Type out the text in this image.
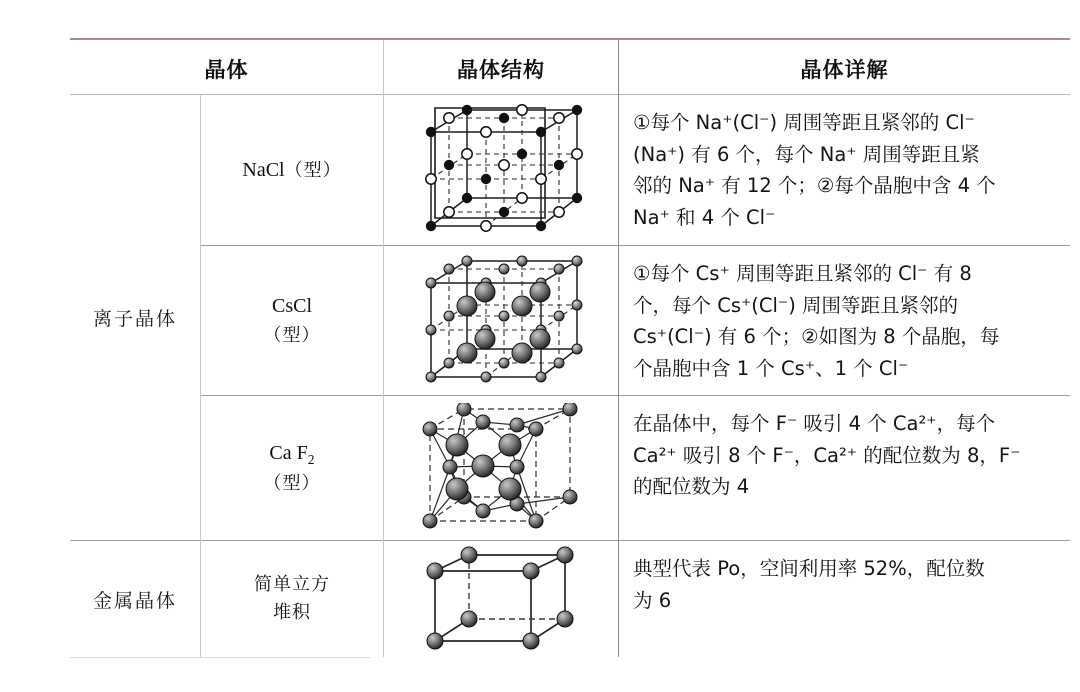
晶体	晶体结构	晶体详解
离子晶体
金属晶体
NaCl（型）
①每个 Na⁺(Cl⁻) 周围等距且紧邻的 Cl⁻
(Na⁺) 有 6 个，每个 Na⁺ 周围等距且紧
邻的 Na⁺ 有 12 个；②每个晶胞中含 4 个
Na⁺ 和 4 个 Cl⁻
CsCl
（型）
①每个 Cs⁺ 周围等距且紧邻的 Cl⁻ 有 8
个，每个 Cs⁺(Cl⁻) 周围等距且紧邻的
Cs⁺(Cl⁻) 有 6 个；②如图为 8 个晶胞，每
个晶胞中含 1 个 Cs⁺、1 个 Cl⁻
Ca $F_2$
（型）
在晶体中，每个 F⁻ 吸引 4 个 Ca²⁺，每个
Ca²⁺ 吸引 8 个 F⁻，Ca²⁺ 的配位数为 8，F⁻
的配位数为 4
简单立方
堆积
典型代表 Po，空间利用率 52%，配位数
为 6
